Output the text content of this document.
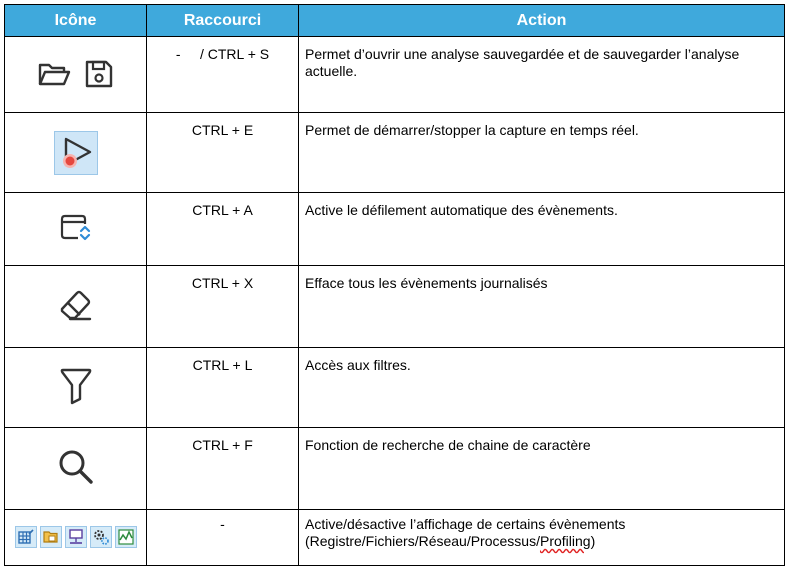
Icône	Raccourci	Action

	-     / CTRL + S	Permet d’ouvrir une analyse sauvegardée et de sauvegarder l’analyse actuelle.
	CTRL + E	Permet de démarrer/stopper la capture en temps réel.
	CTRL + A	Active le défilement automatique des évènements.
	CTRL + X	Efface tous les évènements journalisés
	CTRL + L	Accès aux filtres.
	CTRL + F	Fonction de recherche de chaine de caractère

	-	Active/désactive l’affichage de certains évènements
(Registre/Fichiers/Réseau/Processus/Profiling)
